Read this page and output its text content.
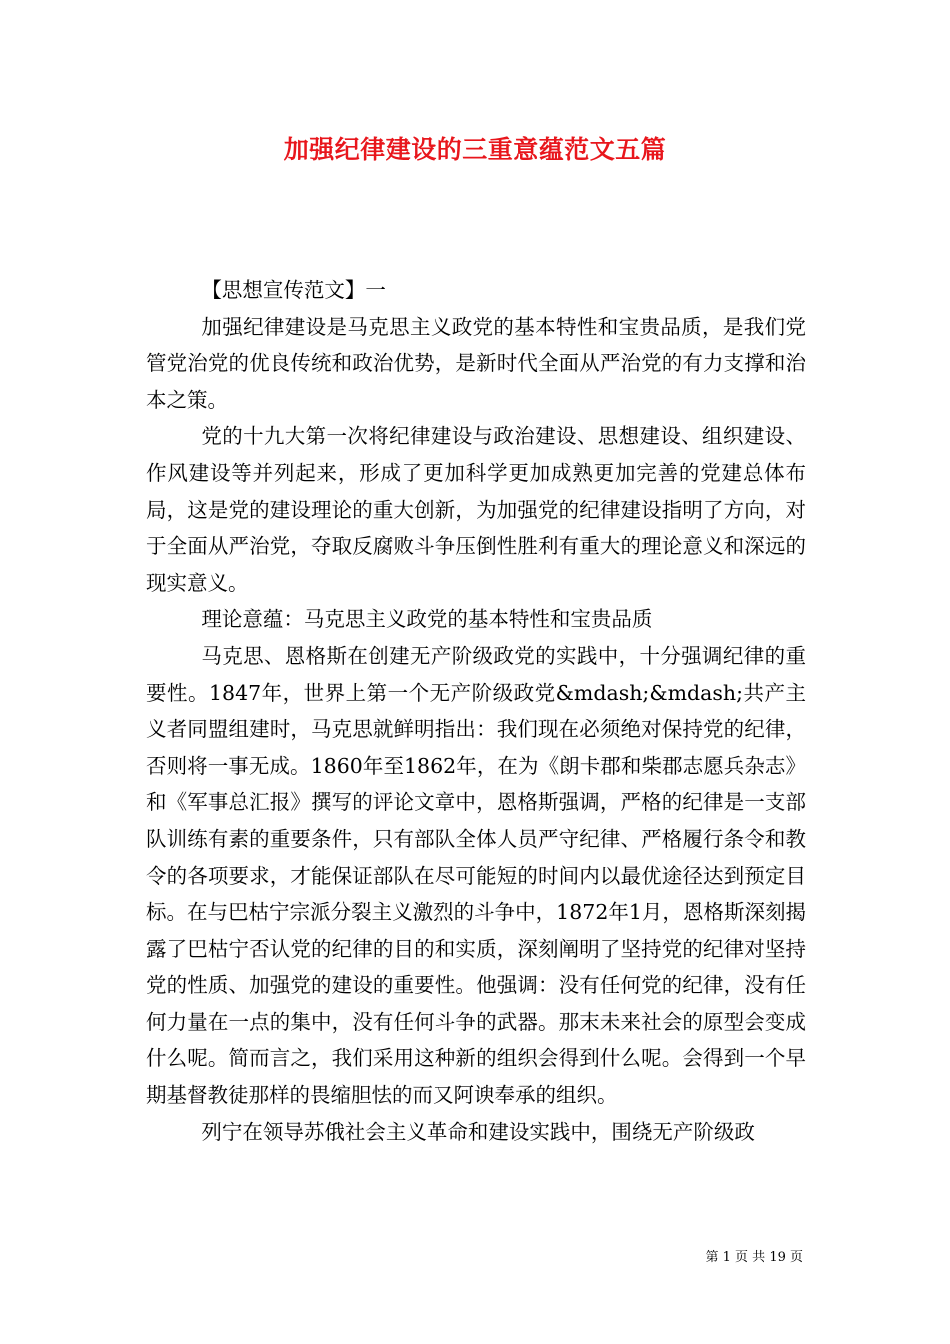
加强纪律建设的三重意蕴范文五篇

【思想宣传范文】一

加强纪律建设是马克思主义政党的基本特性和宝贵品质，是我们党管党治党的优良传统和政治优势，是新时代全面从严治党的有力支撑和治本之策。

党的十九大第一次将纪律建设与政治建设、思想建设、组织建设、作风建设等并列起来，形成了更加科学更加成熟更加完善的党建总体布局，这是党的建设理论的重大创新，为加强党的纪律建设指明了方向，对于全面从严治党，夺取反腐败斗争压倒性胜利有重大的理论意义和深远的现实意义。

理论意蕴：马克思主义政党的基本特性和宝贵品质

马克思、恩格斯在创建无产阶级政党的实践中，十分强调纪律的重要性。1847年，世界上第一个无产阶级政党&mdash;&mdash;共产主义者同盟组建时，马克思就鲜明指出：我们现在必须绝对保持党的纪律，否则将一事无成。1860年至1862年，在为《朗卡郡和柴郡志愿兵杂志》和《军事总汇报》撰写的评论文章中，恩格斯强调，严格的纪律是一支部队训练有素的重要条件，只有部队全体人员严守纪律、严格履行条令和教令的各项要求，才能保证部队在尽可能短的时间内以最优途径达到预定目标。在与巴枯宁宗派分裂主义激烈的斗争中，1872年1月，恩格斯深刻揭露了巴枯宁否认党的纪律的目的和实质，深刻阐明了坚持党的纪律对坚持党的性质、加强党的建设的重要性。他强调：没有任何党的纪律，没有任何力量在一点的集中，没有任何斗争的武器。那末未来社会的原型会变成什么呢。简而言之，我们采用这种新的组织会得到什么呢。会得到一个早期基督教徒那样的畏缩胆怯的而又阿谀奉承的组织。

列宁在领导苏俄社会主义革命和建设实践中，围绕无产阶级政

第 1 页 共 19 页
